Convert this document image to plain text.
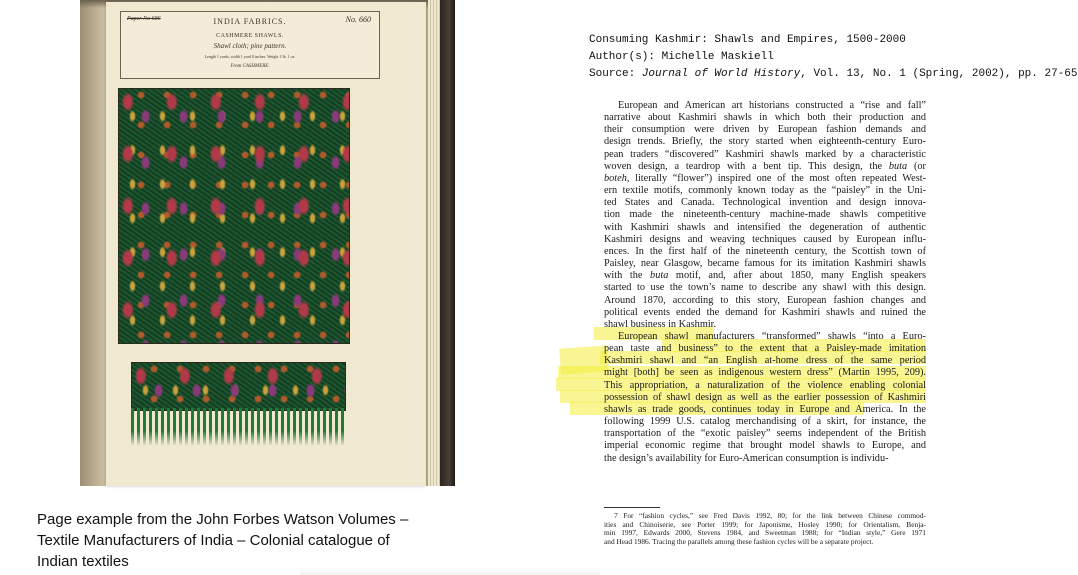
Paper No 686	No. 660
INDIA FABRICS.
CASHMERE SHAWLS.
Shawl cloth; pine pattern.
Length 1 yards; width 1 yard 0 inches. Weight 1 lb. 1 oz.
From CASHMERE.
Page example from the John Forbes Watson Volumes –
Textile Manufacturers of India – Colonial catalogue of
Indian textiles
Consuming Kashmir: Shawls and Empires, 1500-2000
Author(s): Michelle Maskiell
Source: Journal of World History, Vol. 13, No. 1 (Spring, 2002), pp. 27-65
European and American art historians constructed a “rise and fall”
narrative about Kashmiri shawls in which both their production and
their consumption were driven by European fashion demands and
design trends. Briefly, the story started when eighteenth-century Euro-
pean traders “discovered” Kashmiri shawls marked by a characteristic
woven design, a teardrop with a bent tip. This design, the buta (or
boteh, literally “flower”) inspired one of the most often repeated West-
ern textile motifs, commonly known today as the “paisley” in the Uni-
ted States and Canada. Technological invention and design innova-
tion made the nineteenth-century machine-made shawls competitive
with Kashmiri shawls and intensified the degeneration of authentic
Kashmiri designs and weaving techniques caused by European influ-
ences. In the first half of the nineteenth century, the Scottish town of
Paisley, near Glasgow, became famous for its imitation Kashmiri shawls
with the buta motif, and, after about 1850, many English speakers
started to use the town’s name to describe any shawl with this design.
Around 1870, according to this story, European fashion changes and
political events ended the demand for Kashmiri shawls and ruined the
shawl business in Kashmir.
European shawl manufacturers “transformed” shawls “into a Euro-
pean taste and business” to the extent that a Paisley-made imitation
Kashmiri shawl and “an English at-home dress of the same period
might [both] be seen as indigenous western dress” (Martin 1995, 209).
This appropriation, a naturalization of the violence enabling colonial
possession of shawl design as well as the earlier possession of Kashmiri
shawls as trade goods, continues today in Europe and America. In the
following 1999 U.S. catalog merchandising of a skirt, for instance, the
transportation of the “exotic paisley” seems independent of the British
imperial economic regime that brought model shawls to Europe, and
the design’s availability for Euro-American consumption is individu-
7 For “fashion cycles,” see Fred Davis 1992, 80; for the link between Chinese commod-
ities and Chinoiserie, see Porter 1999; for Japonisme, Hosley 1990; for Orientalism, Benja-
min 1997, Edwards 2000, Stevens 1984, and Sweetman 1988; for “Indian style,” Gere 1971
and Head 1986. Tracing the parallels among these fashion cycles will be a separate project.
